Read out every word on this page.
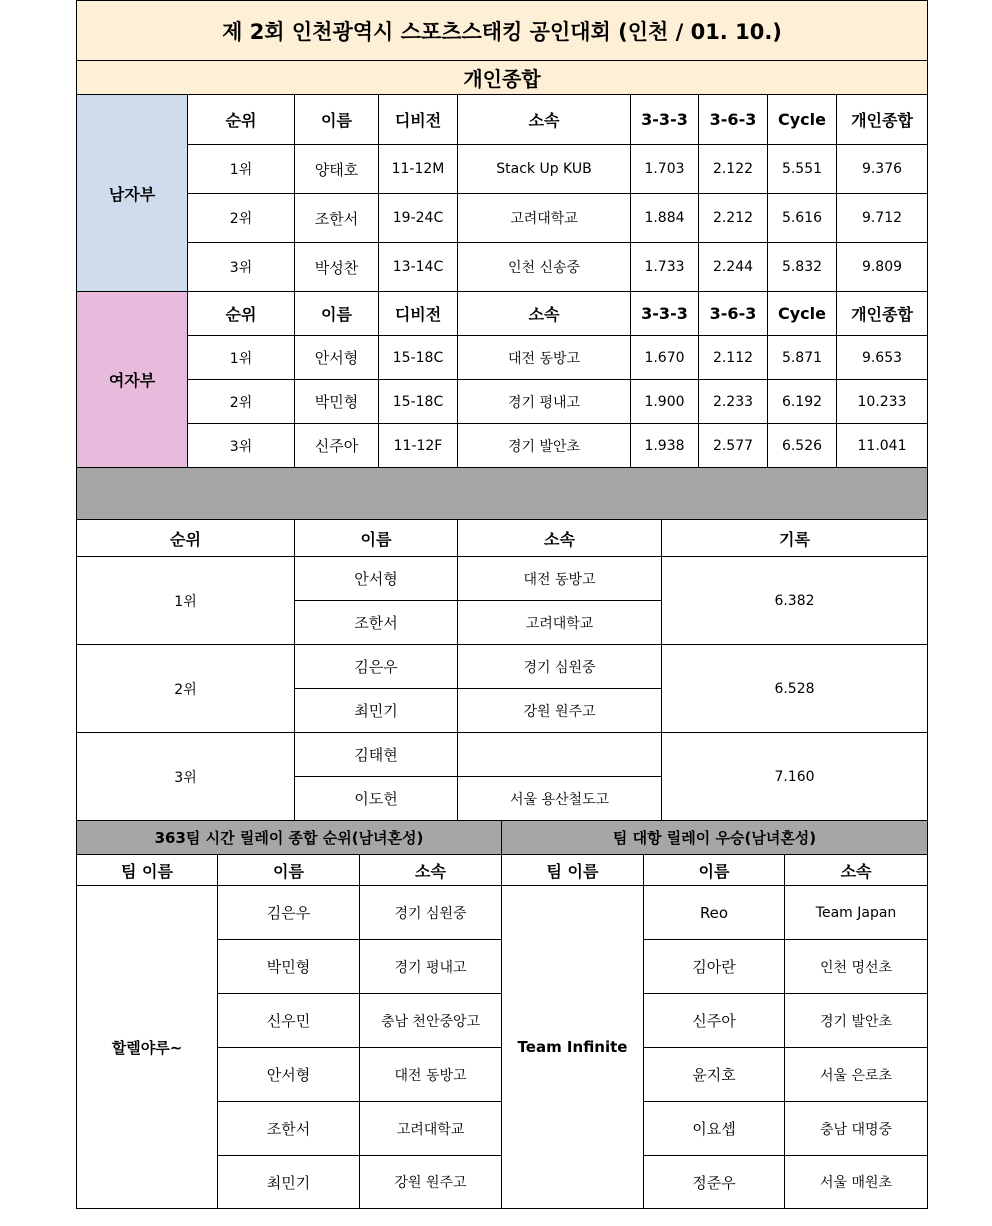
제 2회 인천광역시 스포츠스태킹 공인대회 (인천 / 01. 10.)								
개인종합								
남자부	순위	이름	디비전	소속	3-3-3	3-6-3	Cycle	개인종합
	1위	양태호	11-12M	Stack Up KUB	1.703	2.122	5.551	9.376
	2위	조한서	19-24C	고려대학교	1.884	2.212	5.616	9.712
	3위	박성찬	13-14C	인천 신송중	1.733	2.244	5.832	9.809
여자부	순위	이름	디비전	소속	3-3-3	3-6-3	Cycle	개인종합
	1위	안서형	15-18C	대전 동방고	1.670	2.112	5.871	9.653
	2위	박민형	15-18C	경기 평내고	1.900	2.233	6.192	10.233
	3위	신주아	11-12F	경기 발안초	1.938	2.577	6.526	11.041

순위	이름	소속	기록
1위	안서형	대전 동방고	6.382
	조한서	고려대학교	
2위	김은우	경기 심원중	6.528
	최민기	강원 원주고	
3위	김태현		7.160
	이도헌	서울 용산철도고	
363팀 시간 릴레이 종합 순위(남녀혼성)			팀 대항 릴레이 우승(남녀혼성)		
팀 이름	이름	소속	팀 이름	이름	소속
할렐야루~	김은우	경기 심원중	Team Infinite	Reo	Team Japan
	박민형	경기 평내고		김아란	인천 명선초
	신우민	충남 천안중앙고		신주아	경기 발안초
	안서형	대전 동방고		윤지호	서울 은로초
	조한서	고려대학교		이요셉	충남 대명중
	최민기	강원 원주고		정준우	서울 매원초
